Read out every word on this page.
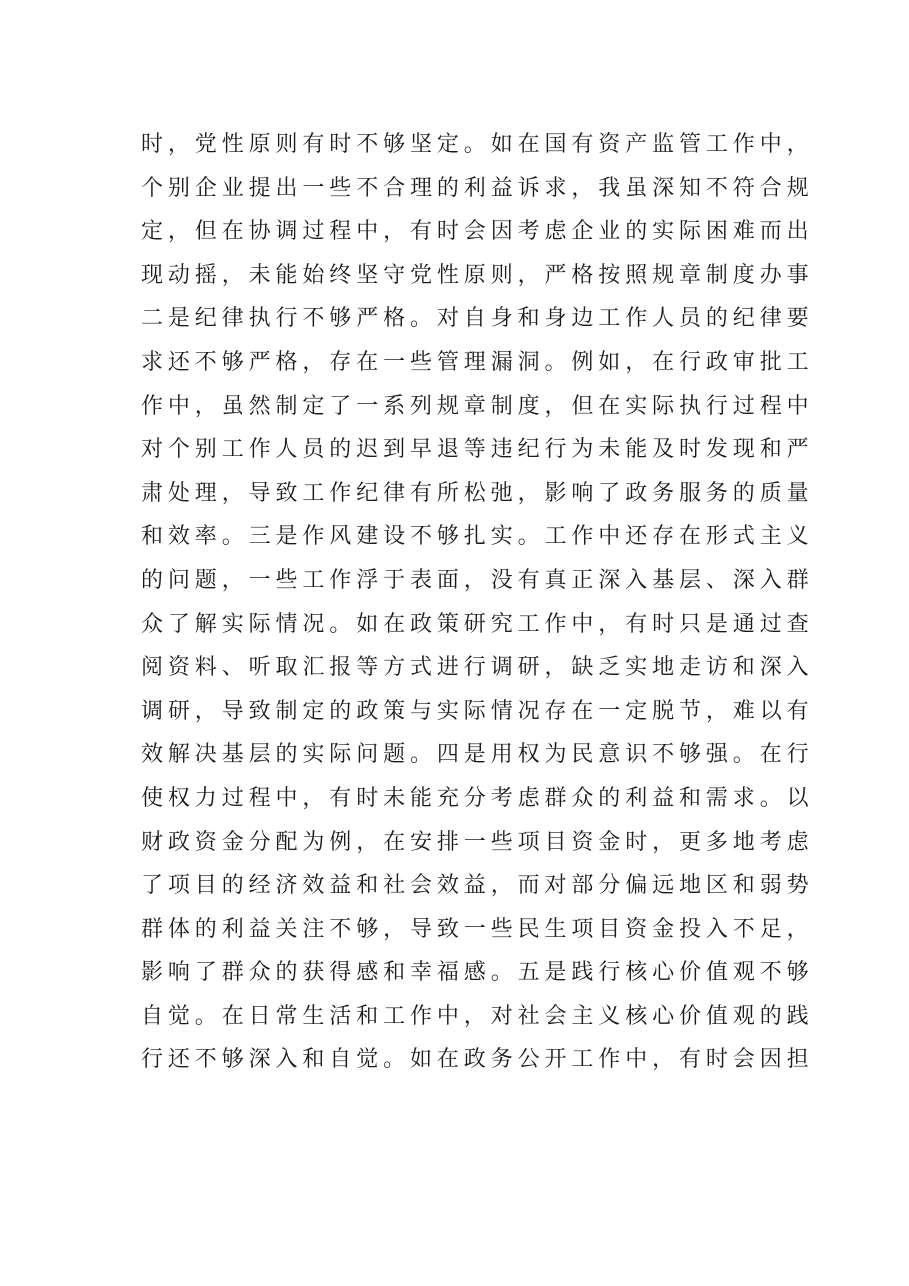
时，党性原则有时不够坚定。如在国有资产监管工作中，
个别企业提出一些不合理的利益诉求，我虽深知不符合规
定，但在协调过程中，有时会因考虑企业的实际困难而出
现动摇，未能始终坚守党性原则，严格按照规章制度办事
二是纪律执行不够严格。对自身和身边工作人员的纪律要
求还不够严格，存在一些管理漏洞。例如，在行政审批工
作中，虽然制定了一系列规章制度，但在实际执行过程中
对个别工作人员的迟到早退等违纪行为未能及时发现和严
肃处理，导致工作纪律有所松弛，影响了政务服务的质量
和效率。三是作风建设不够扎实。工作中还存在形式主义
的问题，一些工作浮于表面，没有真正深入基层、深入群
众了解实际情况。如在政策研究工作中，有时只是通过查
阅资料、听取汇报等方式进行调研，缺乏实地走访和深入
调研，导致制定的政策与实际情况存在一定脱节，难以有
效解决基层的实际问题。四是用权为民意识不够强。在行
使权力过程中，有时未能充分考虑群众的利益和需求。以
财政资金分配为例，在安排一些项目资金时，更多地考虑
了项目的经济效益和社会效益，而对部分偏远地区和弱势
群体的利益关注不够，导致一些民生项目资金投入不足，
影响了群众的获得感和幸福感。五是践行核心价值观不够
自觉。在日常生活和工作中，对社会主义核心价值观的践
行还不够深入和自觉。如在政务公开工作中，有时会因担
